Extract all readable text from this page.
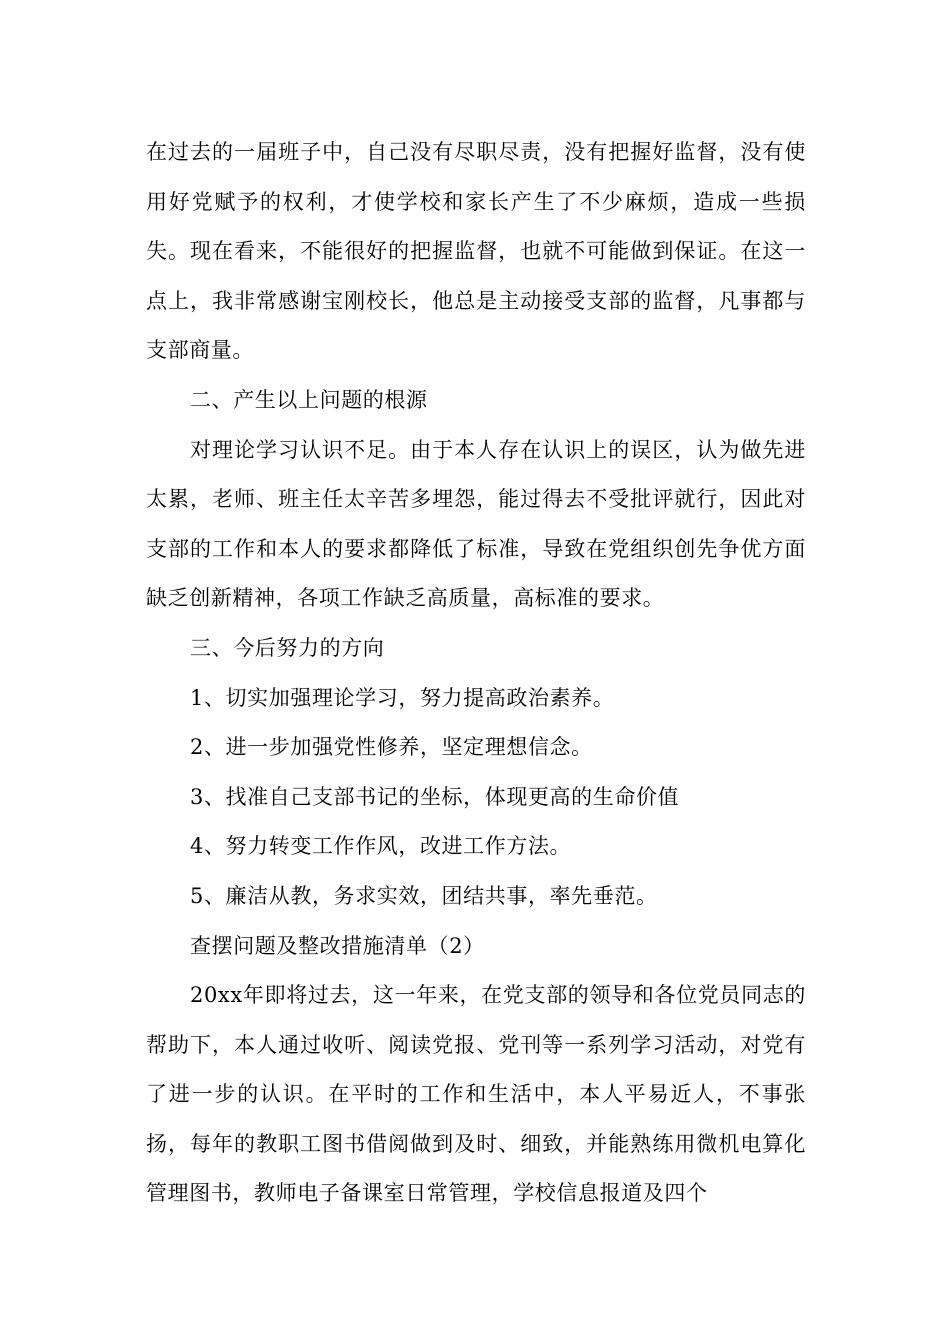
在过去的一届班子中，自己没有尽职尽责，没有把握好监督，没有使用好党赋予的权利，才使学校和家长产生了不少麻烦，造成一些损失。现在看来，不能很好的把握监督，也就不可能做到保证。在这一点上，我非常感谢宝刚校长，他总是主动接受支部的监督，凡事都与支部商量。

二、产生以上问题的根源

对理论学习认识不足。由于本人存在认识上的误区，认为做先进太累，老师、班主任太辛苦多埋怨，能过得去不受批评就行，因此对支部的工作和本人的要求都降低了标准，导致在党组织创先争优方面缺乏创新精神，各项工作缺乏高质量，高标准的要求。

三、今后努力的方向

1、切实加强理论学习，努力提高政治素养。

2、进一步加强党性修养，坚定理想信念。

3、找准自己支部书记的坐标，体现更高的生命价值

4、努力转变工作作风，改进工作方法。

5、廉洁从教，务求实效，团结共事，率先垂范。

查摆问题及整改措施清单（2）

20xx年即将过去，这一年来，在党支部的领导和各位党员同志的帮助下，本人通过收听、阅读党报、党刊等一系列学习活动，对党有了进一步的认识。在平时的工作和生活中，本人平易近人，不事张扬，每年的教职工图书借阅做到及时、细致，并能熟练用微机电算化管理图书，教师电子备课室日常管理，学校信息报道及四个
